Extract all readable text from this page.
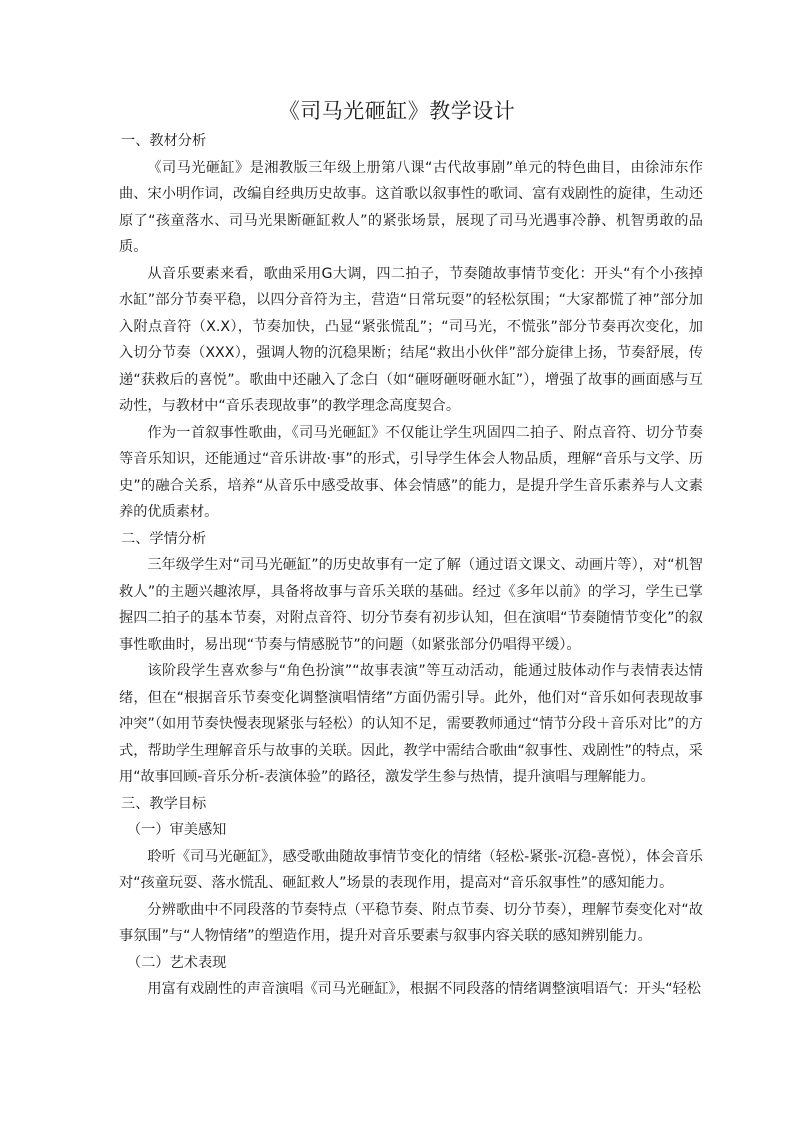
《司马光砸缸》教学设计

一、教材分析

《司马光砸缸》是湘教版三年级上册第八课“古代故事剧”单元的特色曲目，由徐沛东作曲、宋小明作词，改编自经典历史故事。这首歌以叙事性的歌词、富有戏剧性的旋律，生动还原了“孩童落水、司马光果断砸缸救人”的紧张场景，展现了司马光遇事冷静、机智勇敢的品质。

从音乐要素来看，歌曲采用G大调，四二拍子，节奏随故事情节变化：开头“有个小孩掉水缸”部分节奏平稳，以四分音符为主，营造“日常玩耍”的轻松氛围；“大家都慌了神”部分加入附点音符（X.X），节奏加快，凸显“紧张慌乱”；“司马光，不慌张”部分节奏再次变化，加入切分节奏（XXX），强调人物的沉稳果断；结尾“救出小伙伴”部分旋律上扬，节奏舒展，传递“获救后的喜悦”。歌曲中还融入了念白（如“砸呀砸呀砸水缸”），增强了故事的画面感与互动性，与教材中“音乐表现故事”的教学理念高度契合。

作为一首叙事性歌曲，《司马光砸缸》不仅能让学生巩固四二拍子、附点音符、切分节奏等音乐知识，还能通过“音乐讲故·事”的形式，引导学生体会人物品质，理解“音乐与文学、历史”的融合关系，培养“从音乐中感受故事、体会情感”的能力，是提升学生音乐素养与人文素养的优质素材。

二、学情分析

三年级学生对“司马光砸缸”的历史故事有一定了解（通过语文课文、动画片等），对“机智救人”的主题兴趣浓厚，具备将故事与音乐关联的基础。经过《多年以前》的学习，学生已掌握四二拍子的基本节奏，对附点音符、切分节奏有初步认知，但在演唱“节奏随情节变化”的叙事性歌曲时，易出现“节奏与情感脱节”的问题（如紧张部分仍唱得平缓）。

该阶段学生喜欢参与“角色扮演”“故事表演”等互动活动，能通过肢体动作与表情表达情绪，但在“根据音乐节奏变化调整演唱情绪”方面仍需引导。此外，他们对“音乐如何表现故事冲突”（如用节奏快慢表现紧张与轻松）的认知不足，需要教师通过“情节分段＋音乐对比”的方式，帮助学生理解音乐与故事的关联。因此，教学中需结合歌曲“叙事性、戏剧性”的特点，采用“故事回顾-音乐分析-表演体验”的路径，激发学生参与热情，提升演唱与理解能力。

三、教学目标

（一）审美感知

聆听《司马光砸缸》，感受歌曲随故事情节变化的情绪（轻松-紧张-沉稳-喜悦），体会音乐对“孩童玩耍、落水慌乱、砸缸救人”场景的表现作用，提高对“音乐叙事性”的感知能力。

分辨歌曲中不同段落的节奏特点（平稳节奏、附点节奏、切分节奏），理解节奏变化对“故事氛围”与“人物情绪”的塑造作用，提升对音乐要素与叙事内容关联的感知辨别能力。

（二）艺术表现

用富有戏剧性的声音演唱《司马光砸缸》，根据不同段落的情绪调整演唱语气：开头“轻松
